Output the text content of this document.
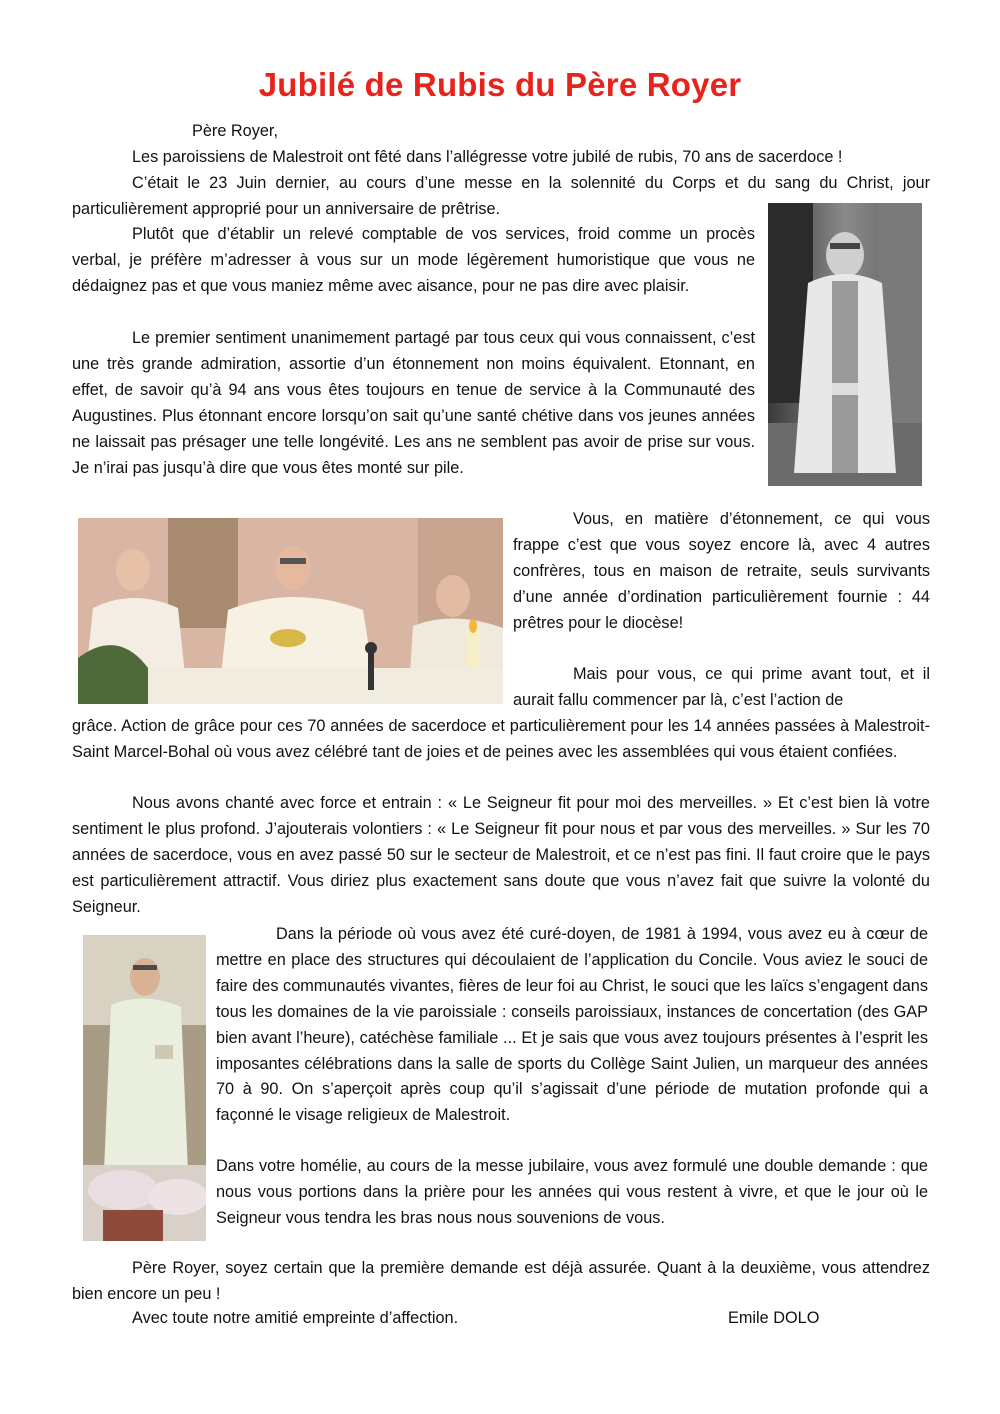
Jubilé de Rubis du Père Royer

Père Royer,

Les paroissiens de Malestroit ont fêté dans l’allégresse votre jubilé de rubis, 70 ans de sacerdoce !

C’était le 23 Juin dernier, au cours d’une messe en la solennité du Corps et du sang du Christ, jour particulièrement approprié pour un anniversaire de prêtrise.

Plutôt que d’établir un relevé comptable de vos services, froid comme un procès verbal, je préfère m’adresser à vous sur un mode légèrement humoristique que vous ne dédaignez pas et que vous maniez même avec aisance, pour ne pas dire avec plaisir.

Le premier sentiment unanimement partagé par tous ceux qui vous connaissent, c’est une très grande admiration, assortie d’un étonnement non moins équivalent. Etonnant, en effet, de savoir qu’à 94 ans vous êtes toujours en tenue de service à la Communauté des Augustines. Plus étonnant encore lorsqu’on sait qu’une santé chétive dans vos jeunes années ne laissait pas présager une telle longévité. Les ans ne semblent pas avoir de prise sur vous. Je n’irai pas jusqu’à dire que vous êtes monté sur pile.

Vous, en matière d’étonnement, ce qui vous frappe c’est que vous soyez encore là, avec 4 autres confrères, tous en maison de retraite, seuls survivants d’une année d’ordination particulièrement fournie : 44 prêtres pour le diocèse!

Mais pour vous, ce qui prime avant tout, et il aurait fallu commencer par là, c’est l’action de

grâce. Action de grâce pour ces 70 années de sacerdoce et particulièrement pour les 14 années passées à Malestroit-Saint Marcel-Bohal où vous avez célébré tant de joies et de peines avec les assemblées qui vous étaient confiées.

Nous avons chanté avec force et entrain : « Le Seigneur fit pour moi des merveilles. » Et c’est bien là votre sentiment le plus profond. J’ajouterais volontiers : « Le Seigneur fit pour nous et par vous des merveilles. » Sur les 70 années de sacerdoce, vous en avez passé 50 sur le secteur de Malestroit, et ce n’est pas fini. Il faut croire que le pays est particulièrement attractif. Vous diriez plus exactement sans doute que vous n’avez fait que suivre la volonté du Seigneur.

Dans la période où vous avez été curé-doyen, de 1981 à 1994, vous avez eu à cœur de mettre en place des structures qui découlaient de l’application du Concile. Vous aviez le souci de faire des communautés vivantes, fières de leur foi au Christ, le souci que les laïcs s’engagent dans tous les domaines de la vie paroissiale : conseils paroissiaux, instances de concertation (des GAP bien avant l’heure), catéchèse familiale ... Et je sais que vous avez toujours présentes à l’esprit les imposantes célébrations dans la salle de sports du Collège Saint Julien, un marqueur des années 70 à 90. On s’aperçoit après coup qu’il s’agissait d’une période de mutation profonde qui a façonné le visage religieux de Malestroit.

Dans votre homélie, au cours de la messe jubilaire, vous avez formulé une double demande : que nous vous portions dans la prière pour les années qui vous restent à vivre, et que le jour où le Seigneur vous tendra les bras nous nous souvenions de vous.

Père Royer, soyez certain que la première demande est déjà assurée. Quant à la deuxième, vous attendrez bien encore un peu !

Avec toute notre amitié empreinte d’affection.	Emile DOLO
